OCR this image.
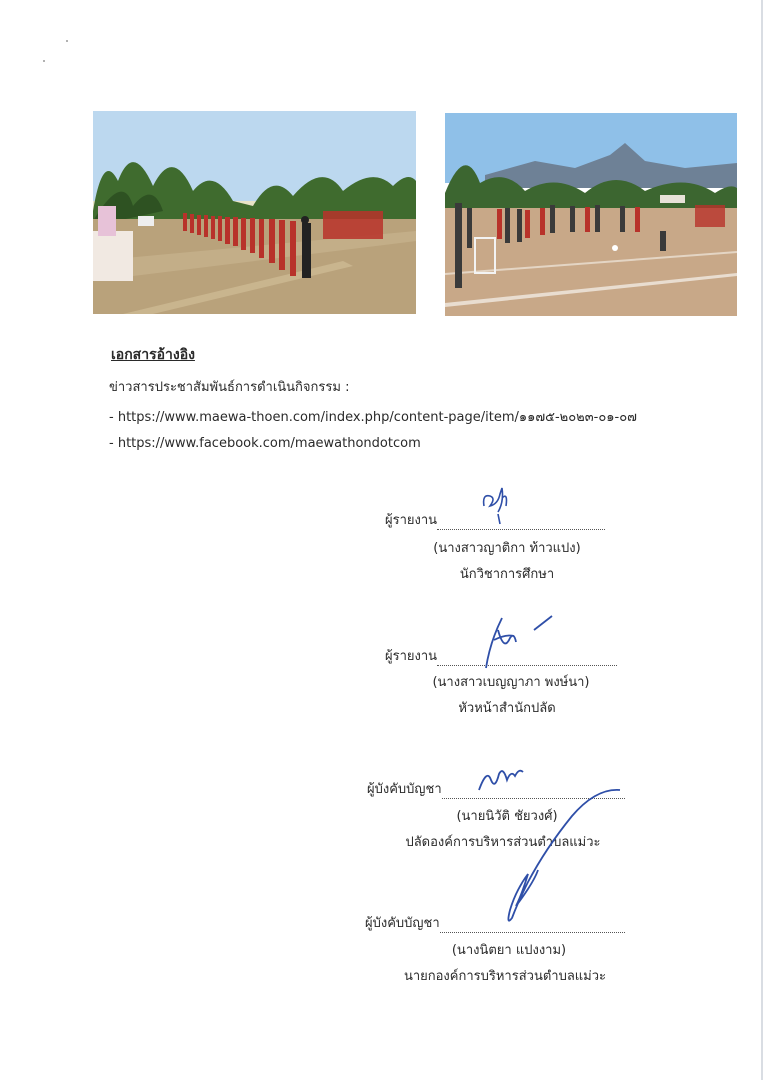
เอกสารอ้างอิง
ข่าวสารประชาสัมพันธ์การดำเนินกิจกรรม :
- https://www.maewa-thoen.com/index.php/content-page/item/๑๑๗๕-๒๐๒๓-๐๑-๐๗
- https://www.facebook.com/maewathondotcom
ผู้รายงาน
(นางสาวญาติกา ท้าวแปง)
นักวิชาการศึกษา
ผู้รายงาน
(นางสาวเบญญาภา พงษ์นา)
หัวหน้าสำนักปลัด
ผู้บังคับบัญชา
(นายนิวัติ ชัยวงศ์)
ปลัดองค์การบริหารส่วนตำบลแม่วะ
ผู้บังคับบัญชา
(นางนิตยา แปงงาม)
นายกองค์การบริหารส่วนตำบลแม่วะ
